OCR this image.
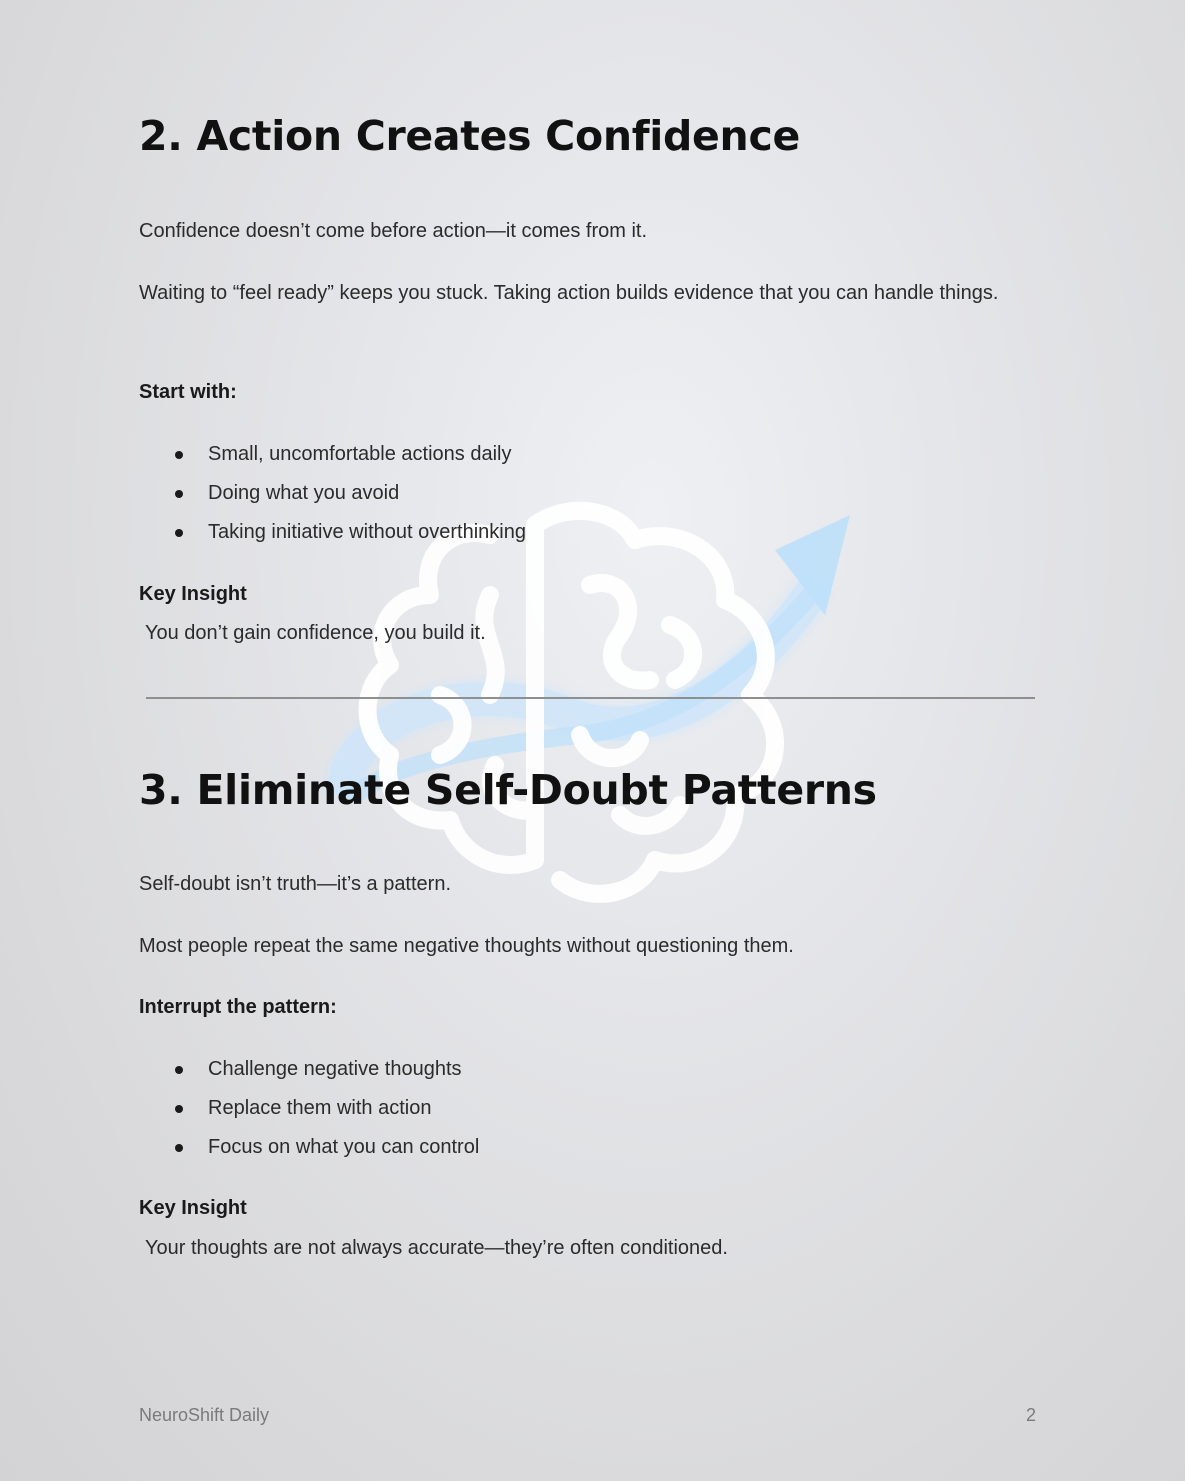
2. Action Creates Confidence

Confidence doesn’t come before action—it comes from it.

Waiting to “feel ready” keeps you stuck. Taking action builds evidence that you can handle things.

Start with:

Small, uncomfortable actions daily
Doing what you avoid
Taking initiative without overthinking

Key Insight

You don’t gain confidence, you build it.

3. Eliminate Self-Doubt Patterns

Self-doubt isn’t truth—it’s a pattern.

Most people repeat the same negative thoughts without questioning them.

Interrupt the pattern:

Challenge negative thoughts
Replace them with action
Focus on what you can control

Key Insight

Your thoughts are not always accurate—they’re often conditioned.

NeuroShift Daily	2
